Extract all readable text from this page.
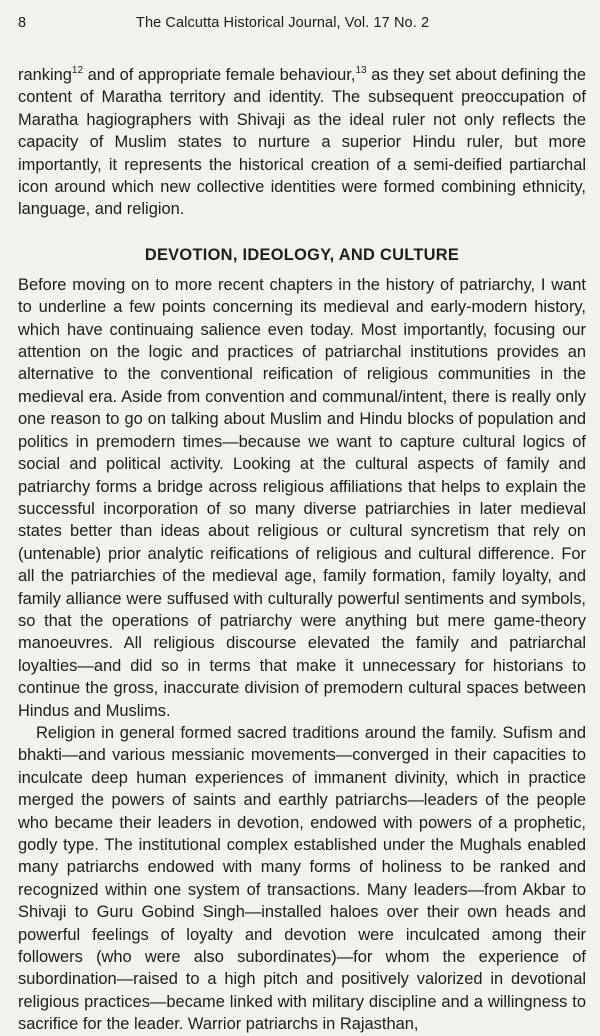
8	The Calcutta Historical Journal, Vol. 17 No. 2

ranking$^{12}$ and of appropriate female behaviour,$^{13}$ as they set about defining the content of Maratha territory and identity. The subsequent preoccupation of Maratha hagiographers with Shivaji as the ideal ruler not only reflects the capacity of Muslim states to nurture a superior Hindu ruler, but more importantly, it represents the historical creation of a semi-deified partiarchal icon around which new collective identities were formed combining ethnicity, language, and religion.

DEVOTION, IDEOLOGY, AND CULTURE

Before moving on to more recent chapters in the history of patriarchy, I want to underline a few points concerning its medieval and early-modern history, which have continuaing salience even today. Most importantly, focusing our attention on the logic and practices of patriarchal institutions provides an alternative to the conventional reification of religious communities in the medieval era. Aside from convention and communal/intent, there is really only one reason to go on talking about Muslim and Hindu blocks of population and politics in premodern times—because we want to capture cultural logics of social and political activity. Looking at the cultural aspects of family and patriarchy forms a bridge across religious affiliations that helps to explain the successful incorporation of so many diverse patriarchies in later medieval states better than ideas about religious or cultural syncretism that rely on (untenable) prior analytic reifications of religious and cultural difference. For all the patriarchies of the medieval age, family formation, family loyalty, and family alliance were suffused with culturally powerful sentiments and symbols, so that the operations of patriarchy were anything but mere game-theory manoeuvres. All religious discourse elevated the family and patriarchal loyalties—and did so in terms that make it unnecessary for historians to continue the gross, inaccurate division of premodern cultural spaces between Hindus and Muslims.

Religion in general formed sacred traditions around the family. Sufism and bhakti—and various messianic movements—converged in their capacities to inculcate deep human experiences of immanent divinity, which in practice merged the powers of saints and earthly patriarchs—leaders of the people who became their leaders in devotion, endowed with powers of a prophetic, godly type. The institutional complex established under the Mughals enabled many patriarchs endowed with many forms of holiness to be ranked and recognized within one system of transactions. Many leaders—from Akbar to Shivaji to Guru Gobind Singh—installed haloes over their own heads and powerful feelings of loyalty and devotion were inculcated among their followers (who were also subordinates)—for whom the experience of subordination—raised to a high pitch and positively valorized in devotional religious practices—became linked with military discipline and a willingness to sacrifice for the leader. Warrior patriarchs in Rajasthan,
